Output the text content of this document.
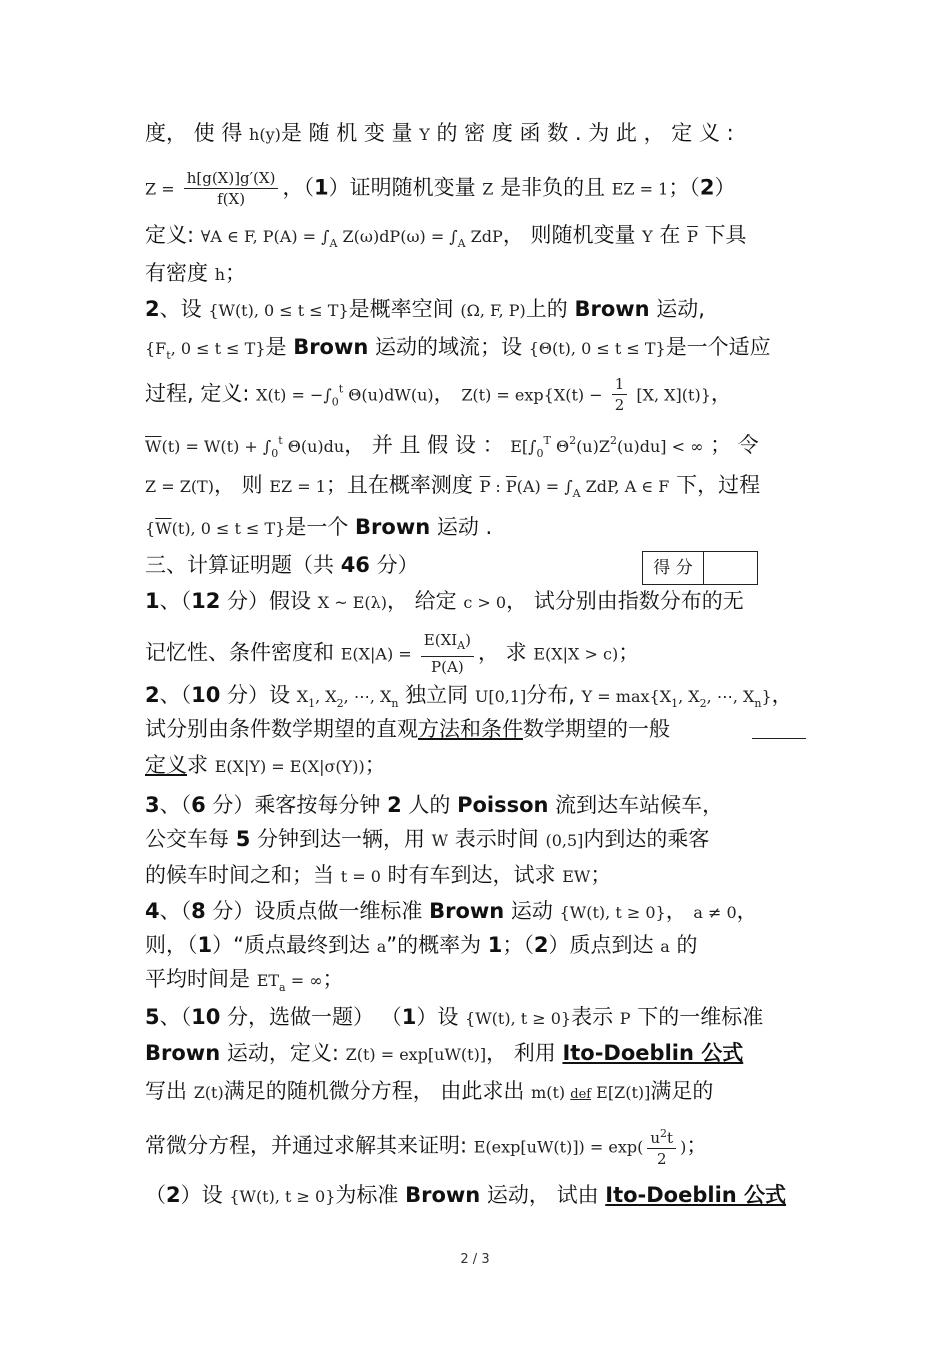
度， 使 得 h(y)是 随 机 变 量 Y 的 密 度 函 数 . 为 此 ， 定 义 :
$Z = \frac{h[g(X)]g'(X)}{f(X)}$ ，（1）证明随机变量 Z 是非负的且 EZ = 1；（2）
定义: ∀A ∈ F, $P(A) = \int_A$ $Z(\omega)dP(\omega) = \int_A$ ZdP， 则随机变量 Y 在 $\overline{P}$ 下具
有密度 h；
2、设 {W(t), 0 ≤ t ≤ T}是概率空间 (Ω, F, P)上的 Brown 运动,
{$F_t$, 0 ≤ t ≤ T}是 Brown 运动的域流；设 {Θ(t), 0 ≤ t ≤ T}是一个适应
过程, 定义: $X(t) = -\int_0^t$ Θ(u)dW(u)， $Z(t) = \exp\{X(t) - \frac{1}{2} [X$, X](t)}，
$\overline{W}(t) = W(t) + \int_0^t$ Θ(u)du， 并 且 假 设 ： $E[\int_0^T$ $\Theta^2(u)Z^2(u)du$] < ∞ ； 令
Z = Z(T)， 则 EZ = 1；且在概率测度 $\overline{P}$ : $\overline{P}(A) = \int_A$ ZdP, A ∈ F 下，过程
{$\overline{W}(t)$, 0 ≤ t ≤ T}是一个 Brown 运动 .
三、计算证明题（共 46 分）	得 分
1、（12 分）假设 X ~ E(λ)， 给定 c > 0， 试分别由指数分布的无
记忆性、条件密度和 $E(X|A) = \frac{E(XI_A)}{P(A)}$ ， 求 E(X|X > c)；
2、（10 分）设 $X_1$, $X_2$, ⋯, $X_n$ 独立同 U[0,1]分布, $Y = \max\{X_1$, $X_2$, ⋯, $X_n$}，
试分别由条件数学期望的直观方法和条件数学期望的一般
定义求 E(X|Y) = E(X|σ(Y))；
3、（6 分）乘客按每分钟 2 人的 Poisson 流到达车站候车，
公交车每 5 分钟到达一辆，用 W 表示时间 (0,5]内到达的乘客
的候车时间之和；当 t = 0 时有车到达，试求 EW；
4、（8 分）设质点做一维标准 Brown 运动 {W(t), t ≥ 0}， a ≠ 0，
则，（1）“质点最终到达 a”的概率为 1；（2）质点到达 a 的
平均时间是 $ET_a$ = ∞；
5、（10 分，选做一题） （1）设 {W(t), t ≥ 0}表示 P 下的一维标准
Brown 运动，定义: Z(t) = exp[uW(t)]， 利用 Ito-Doeblin 公式
写出 Z(t)满足的随机微分方程， 由此求出 m(t) def E[Z(t)]满足的
常微分方程，并通过求解其来证明: $E(\exp[uW(t)]) = \exp( \frac{u^2t}{2}$ )；
（2）设 {W(t), t ≥ 0}为标准 Brown 运动， 试由 Ito-Doeblin 公式
2 / 3
